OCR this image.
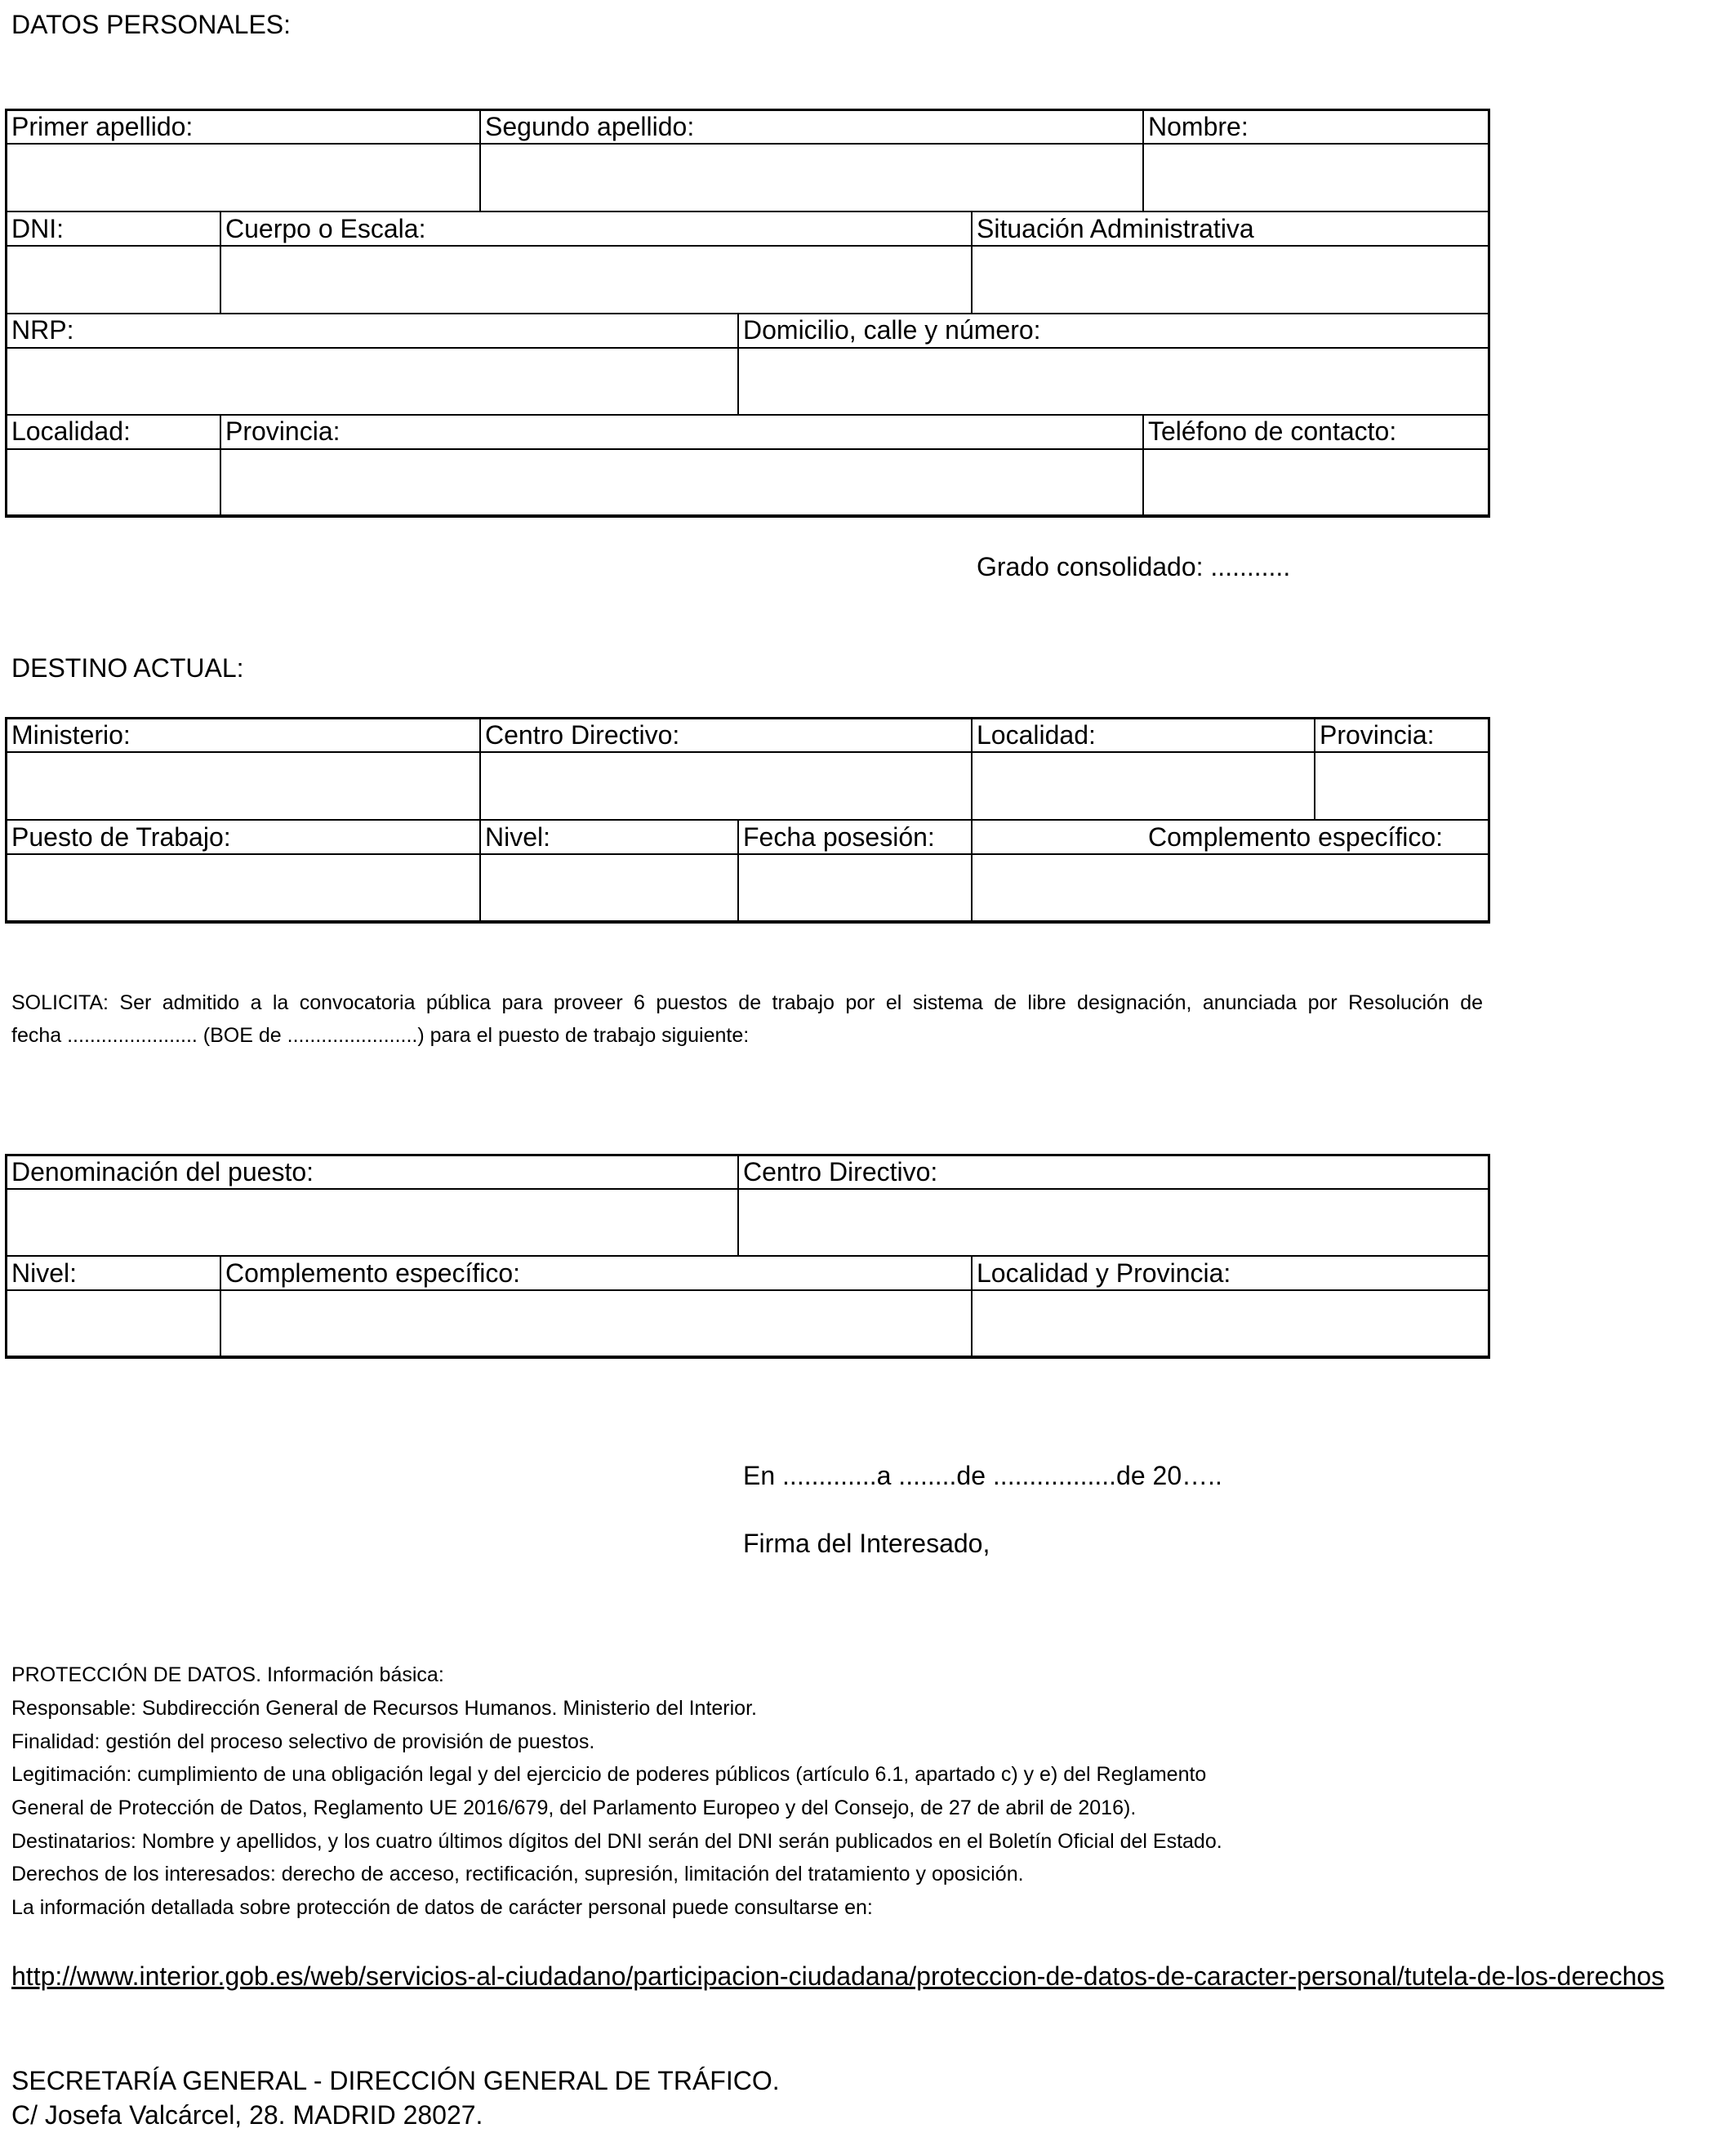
DATOS PERSONALES:
Primer apellido:	Segundo apellido:	Nombre:
DNI:	Cuerpo o Escala:	Situación Administrativa
NRP:	Domicilio, calle y número:
Localidad:	Provincia:	Teléfono de contacto:
Grado consolidado: ...........
DESTINO ACTUAL:
Ministerio:	Centro Directivo:	Localidad:	Provincia:
Puesto de Trabajo:	Nivel:	Fecha posesión:	Complemento específico:
SOLICITA: Ser admitido a la convocatoria pública para proveer 6 puestos de trabajo por el sistema de libre designación, anunciada por Resolución de
fecha ....................... (BOE de .......................) para el puesto de trabajo siguiente:
Denominación del puesto:	Centro Directivo:
Nivel:	Complemento específico:	Localidad y Provincia:
En .............a ........de .................de 20…..
Firma del Interesado,
PROTECCIÓN DE DATOS. Información básica:
Responsable: Subdirección General de Recursos Humanos. Ministerio del Interior.
Finalidad: gestión del proceso selectivo de provisión de puestos.
Legitimación: cumplimiento de una obligación legal y del ejercicio de poderes públicos (artículo 6.1, apartado c) y e) del Reglamento
General de Protección de Datos, Reglamento UE 2016/679, del Parlamento Europeo y del Consejo, de 27 de abril de 2016).
Destinatarios: Nombre y apellidos, y los cuatro últimos dígitos del DNI serán del DNI serán publicados en el Boletín Oficial del Estado.
Derechos de los interesados: derecho de acceso, rectificación, supresión, limitación del tratamiento y oposición.
La información detallada sobre protección de datos de carácter personal puede consultarse en:
http://www.interior.gob.es/web/servicios-al-ciudadano/participacion-ciudadana/proteccion-de-datos-de-caracter-personal/tutela-de-los-derechos
SECRETARÍA GENERAL - DIRECCIÓN GENERAL DE TRÁFICO.
C/ Josefa Valcárcel, 28. MADRID 28027.
